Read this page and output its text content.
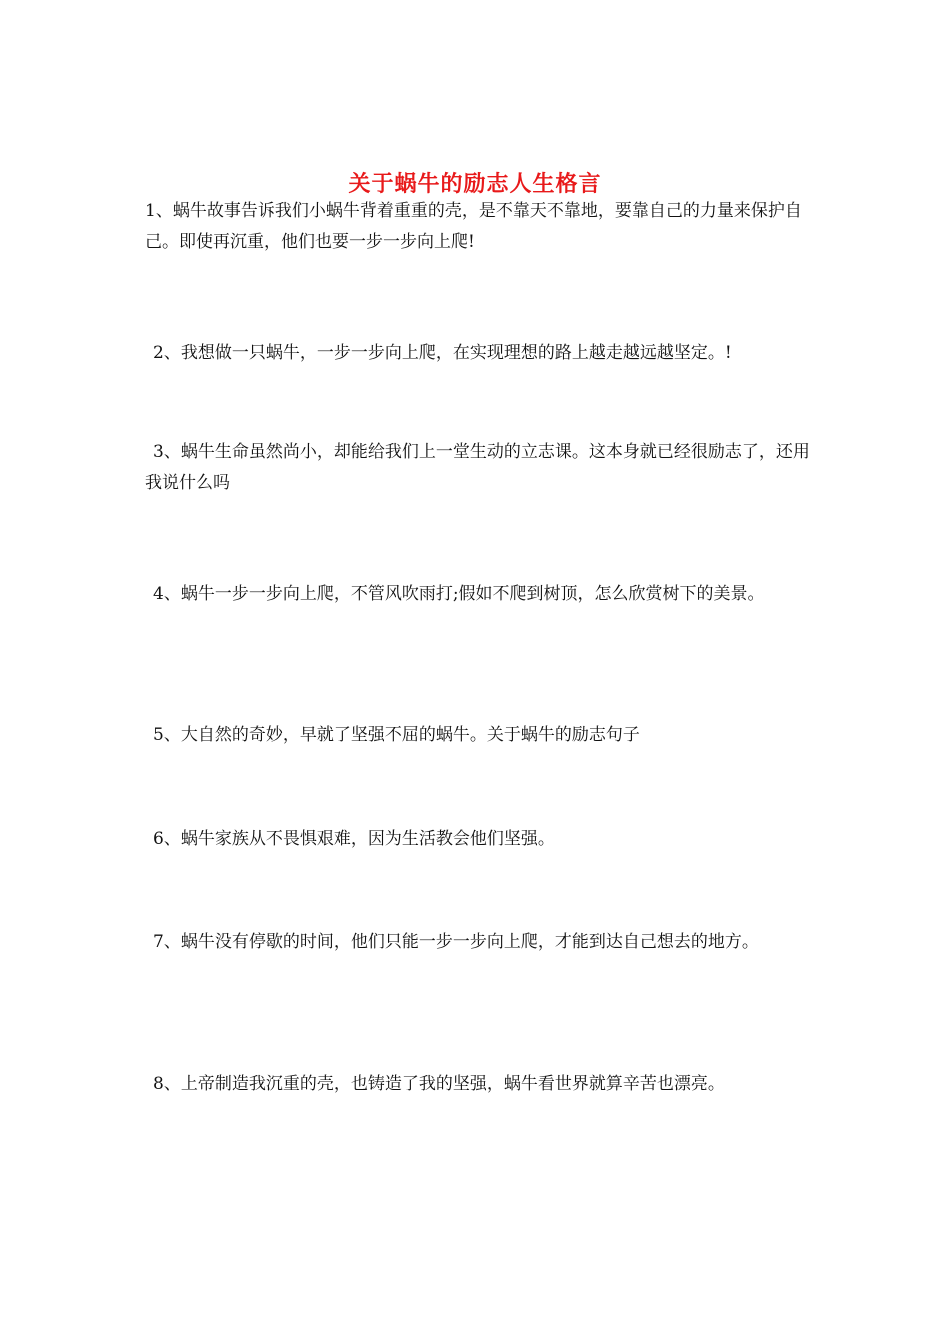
关于蜗牛的励志人生格言

1、蜗牛故事告诉我们小蜗牛背着重重的壳，是不靠天不靠地，要靠自己的力量来保护自己。即使再沉重，他们也要一步一步向上爬!

2、我想做一只蜗牛，一步一步向上爬，在实现理想的路上越走越远越坚定。!

3、蜗牛生命虽然尚小，却能给我们上一堂生动的立志课。这本身就已经很励志了，还用我说什么吗

4、蜗牛一步一步向上爬，不管风吹雨打;假如不爬到树顶，怎么欣赏树下的美景。

5、大自然的奇妙，早就了坚强不屈的蜗牛。关于蜗牛的励志句子

6、蜗牛家族从不畏惧艰难，因为生活教会他们坚强。

7、蜗牛没有停歇的时间，他们只能一步一步向上爬，才能到达自己想去的地方。

8、上帝制造我沉重的壳，也铸造了我的坚强，蜗牛看世界就算辛苦也漂亮。
